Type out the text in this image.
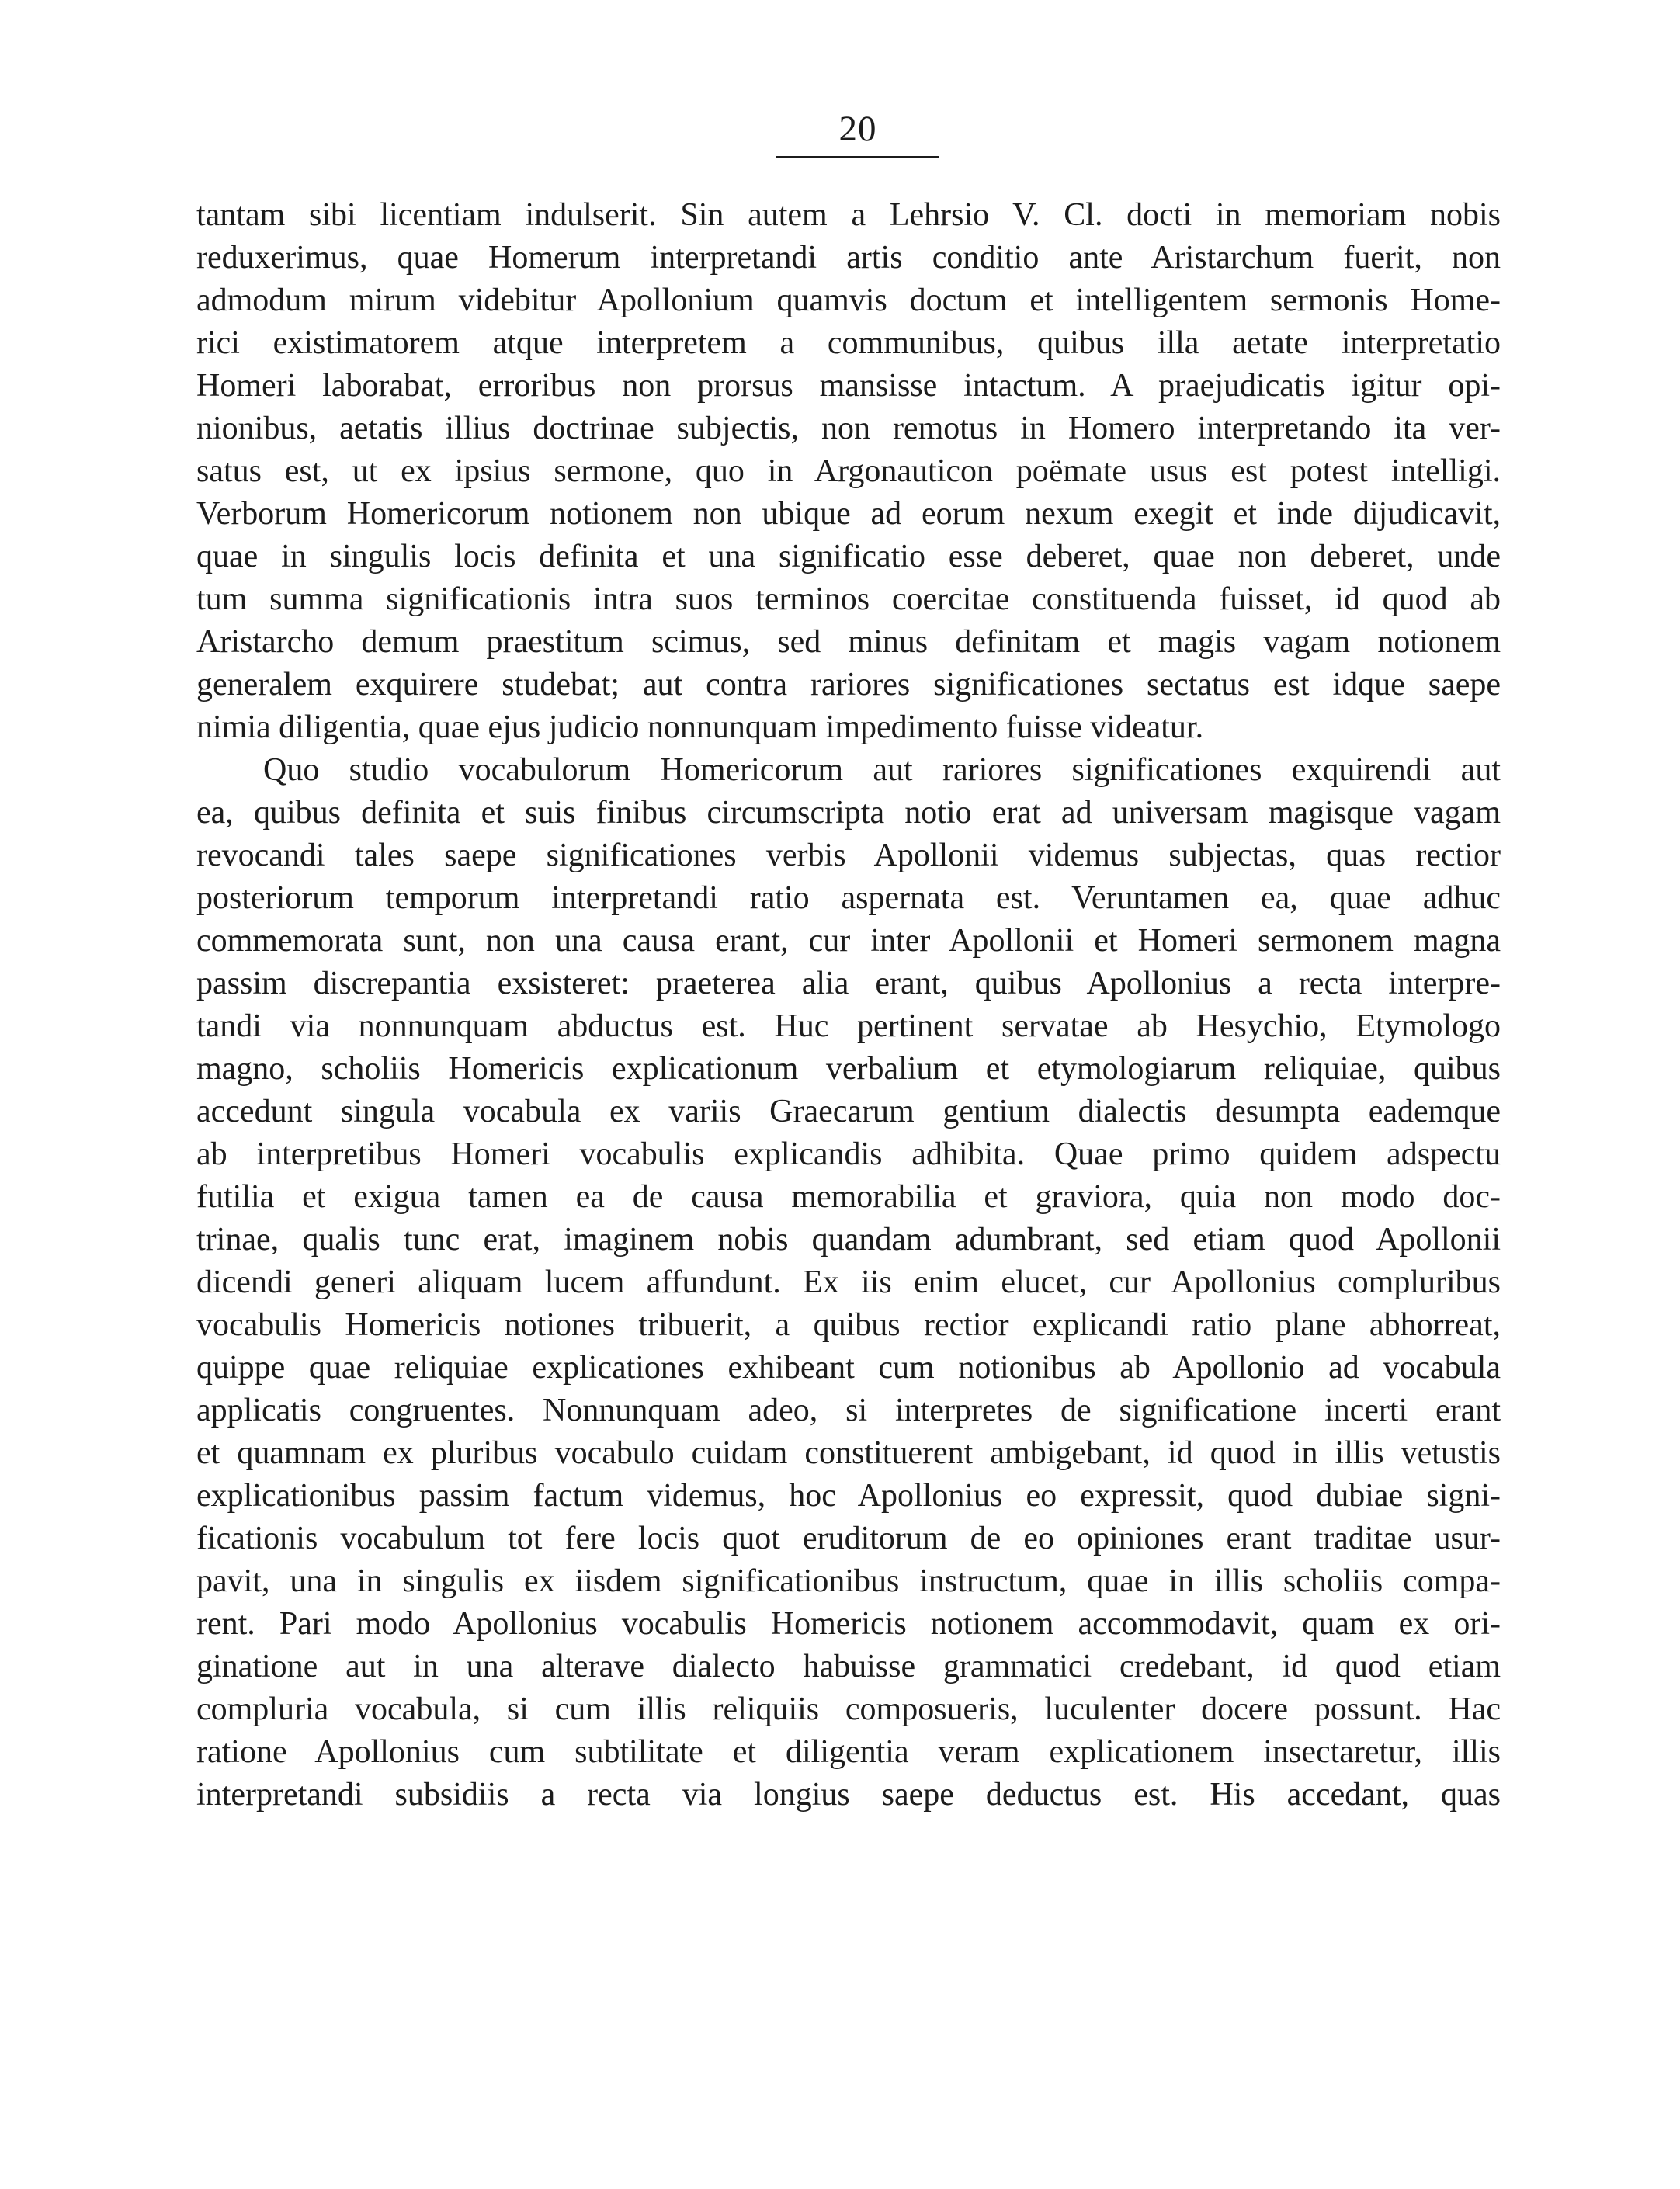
20
tantam sibi licentiam indulserit. Sin autem a Lehrsio V. Cl. docti in memoriam nobis
reduxerimus, quae Homerum interpretandi artis conditio ante Aristarchum fuerit, non
admodum mirum videbitur Apollonium quamvis doctum et intelligentem sermonis Home-
rici existimatorem atque interpretem a communibus, quibus illa aetate interpretatio
Homeri laborabat, erroribus non prorsus mansisse intactum. A praejudicatis igitur opi-
nionibus, aetatis illius doctrinae subjectis, non remotus in Homero interpretando ita ver-
satus est, ut ex ipsius sermone, quo in Argonauticon poëmate usus est potest intelligi.
Verborum Homericorum notionem non ubique ad eorum nexum exegit et inde dijudicavit,
quae in singulis locis definita et una significatio esse deberet, quae non deberet, unde
tum summa significationis intra suos terminos coercitae constituenda fuisset, id quod ab
Aristarcho demum praestitum scimus, sed minus definitam et magis vagam notionem
generalem exquirere studebat; aut contra rariores significationes sectatus est idque saepe
nimia diligentia, quae ejus judicio nonnunquam impedimento fuisse videatur.
Quo studio vocabulorum Homericorum aut rariores significationes exquirendi aut
ea, quibus definita et suis finibus circumscripta notio erat ad universam magisque vagam
revocandi tales saepe significationes verbis Apollonii videmus subjectas, quas rectior
posteriorum temporum interpretandi ratio aspernata est. Veruntamen ea, quae adhuc
commemorata sunt, non una causa erant, cur inter Apollonii et Homeri sermonem magna
passim discrepantia exsisteret: praeterea alia erant, quibus Apollonius a recta interpre-
tandi via nonnunquam abductus est. Huc pertinent servatae ab Hesychio, Etymologo
magno, scholiis Homericis explicationum verbalium et etymologiarum reliquiae, quibus
accedunt singula vocabula ex variis Graecarum gentium dialectis desumpta eademque
ab interpretibus Homeri vocabulis explicandis adhibita. Quae primo quidem adspectu
futilia et exigua tamen ea de causa memorabilia et graviora, quia non modo doc-
trinae, qualis tunc erat, imaginem nobis quandam adumbrant, sed etiam quod Apollonii
dicendi generi aliquam lucem affundunt. Ex iis enim elucet, cur Apollonius compluribus
vocabulis Homericis notiones tribuerit, a quibus rectior explicandi ratio plane abhorreat,
quippe quae reliquiae explicationes exhibeant cum notionibus ab Apollonio ad vocabula
applicatis congruentes. Nonnunquam adeo, si interpretes de significatione incerti erant
et quamnam ex pluribus vocabulo cuidam constituerent ambigebant, id quod in illis vetustis
explicationibus passim factum videmus, hoc Apollonius eo expressit, quod dubiae signi-
ficationis vocabulum tot fere locis quot eruditorum de eo opiniones erant traditae usur-
pavit, una in singulis ex iisdem significationibus instructum, quae in illis scholiis compa-
rent. Pari modo Apollonius vocabulis Homericis notionem accommodavit, quam ex ori-
ginatione aut in una alterave dialecto habuisse grammatici credebant, id quod etiam
compluria vocabula, si cum illis reliquiis composueris, luculenter docere possunt. Hac
ratione Apollonius cum subtilitate et diligentia veram explicationem insectaretur, illis
interpretandi subsidiis a recta via longius saepe deductus est. His accedant, quas
